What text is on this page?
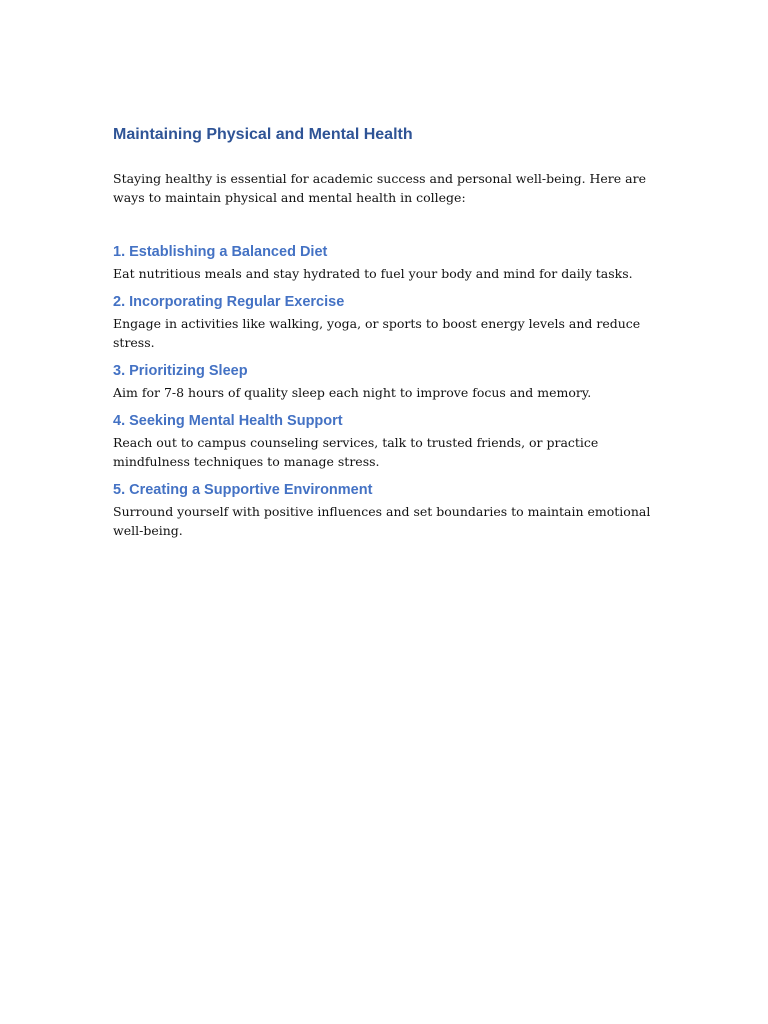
Maintaining Physical and Mental Health

Staying healthy is essential for academic success and personal well-being. Here are ways to maintain physical and mental health in college:

1. Establishing a Balanced Diet

Eat nutritious meals and stay hydrated to fuel your body and mind for daily tasks.

2. Incorporating Regular Exercise

Engage in activities like walking, yoga, or sports to boost energy levels and reduce stress.

3. Prioritizing Sleep

Aim for 7-8 hours of quality sleep each night to improve focus and memory.

4. Seeking Mental Health Support

Reach out to campus counseling services, talk to trusted friends, or practice mindfulness techniques to manage stress.

5. Creating a Supportive Environment

Surround yourself with positive influences and set boundaries to maintain emotional well-being.
